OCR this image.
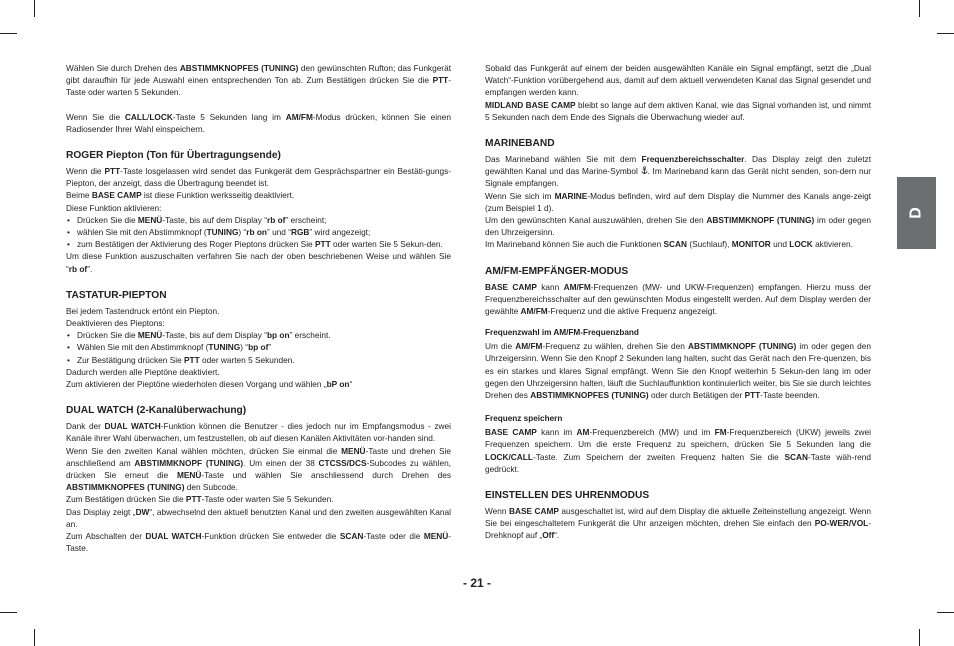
D

Wählen Sie durch Drehen des ABSTIMMKNOPFES (TUNING) den gewünschten Rufton; das Funkgerät gibt daraufhin für jede Auswahl einen entsprechenden Ton ab. Zum Bestätigen drücken Sie die PTT-Taste oder warten 5 Sekunden.

Wenn Sie die CALL/LOCK-Taste 5 Sekunden lang im AM/FM-Modus drücken, können Sie einen Radiosender Ihrer Wahl einspeichern.

ROGER Piepton (Ton für Übertragungsende)

Wenn die PTT-Taste losgelassen wird sendet das Funkgerät dem Gesprächspartner ein Bestäti-gungs-Piepton, der anzeigt, dass die Übertragung beendet ist.

Beime BASE CAMP ist diese Funktion werksseitig deaktiviert.

Diese Funktion aktivieren:

• Drücken Sie die MENÜ-Taste, bis auf dem Display “rb of” erscheint;
• wählen Sie mit den Abstimmknopf (TUNING) “rb on” und “RGB” wird angezeigt;
• zum Bestätigen der Aktivierung des Roger Pieptons drücken Sie PTT oder warten Sie 5 Sekun-den.

Um diese Funktion auszuschalten verfahren Sie nach der oben beschriebenen Weise und wählen Sie “rb of”.

TASTATUR-PIEPTON

Bei jedem Tastendruck ertönt ein Piepton.

Deaktivieren des Pieptons:

• Drücken Sie die MENÜ-Taste, bis auf dem Display “bp on” erscheint.
• Wählen Sie mit den Abstimmknopf (TUNING) “bp of”
• Zur Bestätigung drücken Sie PTT oder warten 5 Sekunden.

Dadurch werden alle Pieptöne deaktiviert.

Zum aktivieren der Pieptöne wiederholen diesen Vorgang und wählen „bP on“

DUAL WATCH (2-Kanalüberwachung)

Dank der DUAL WATCH-Funktion können die Benutzer - dies jedoch nur im Empfangsmodus - zwei Kanäle ihrer Wahl überwachen, um festzustellen, ob auf diesen Kanälen Aktivitäten vor-handen sind.

Wenn Sie den zweiten Kanal wählen möchten, drücken Sie einmal die MENÜ-Taste und drehen Sie anschließend am ABSTIMMKNOPF (TUNING). Um einen der 38 CTCSS/DCS-Subcodes zu wählen, drücken Sie erneut die MENÜ-Taste und wählen Sie anschliessend durch Drehen des ABSTIMMKNOPFES (TUNING) den Subcode.

Zum Bestätigen drücken Sie die PTT-Taste oder warten Sie 5 Sekunden.

Das Display zeigt „DW“, abwechselnd den aktuell benutzten Kanal und den zweiten ausgewählten Kanal an.

Zum Abschalten der DUAL WATCH-Funktion drücken Sie entweder die SCAN-Taste oder die MENÜ-Taste.

Sobald das Funkgerät auf einem der beiden ausgewählten Kanäle ein Signal empfängt, setzt die „Dual Watch“-Funktion vorübergehend aus, damit auf dem aktuell verwendeten Kanal das Signal gesendet und empfangen werden kann.

MIDLAND BASE CAMP bleibt so lange auf dem aktiven Kanal, wie das Signal vorhanden ist, und nimmt 5 Sekunden nach dem Ende des Signals die Überwachung wieder auf.

MARINEBAND

Das Marineband wählen Sie mit dem Frequenzbereichsschalter. Das Display zeigt den zuletzt gewählten Kanal und das Marine-Symbol . Im Marineband kann das Gerät nicht senden, son-dern nur Signale empfangen.

Wenn Sie sich im MARINE-Modus befinden, wird auf dem Display die Nummer des Kanals ange-zeigt (zum Beispiel 1 d).

Um den gewünschten Kanal auszuwählen, drehen Sie den ABSTIMMKNOPF (TUNING) im oder gegen den Uhrzeigersinn.

Im Marineband können Sie auch die Funktionen SCAN (Suchlauf), MONITOR und LOCK aktivieren.

AM/FM-EMPFÄNGER-MODUS

BASE CAMP kann AM/FM-Frequenzen (MW- und UKW-Frequenzen) empfangen. Hierzu muss der Frequenzbereichsschalter auf den gewünschten Modus eingestellt werden. Auf dem Display werden der gewählte AM/FM-Frequenz und die aktive Frequenz angezeigt.

Frequenzwahl im AM/FM-Frequenzband

Um die AM/FM-Frequenz zu wählen, drehen Sie den ABSTIMMKNOPF (TUNING) im oder gegen den Uhrzeigersinn. Wenn Sie den Knopf 2 Sekunden lang halten, sucht das Gerät nach den Fre-quenzen, bis es ein starkes und klares Signal empfängt. Wenn Sie den Knopf weiterhin 5 Sekun-den lang im oder gegen den Uhrzeigersinn halten, läuft die Suchlauffunktion kontinuierlich weiter, bis Sie sie durch leichtes Drehen des ABSTIMMKNOPFES (TUNING) oder durch Betätigen der PTT-Taste beenden.

Frequenz speichern

BASE CAMP kann im AM-Frequenzbereich (MW) und im FM-Frequenzbereich (UKW) jeweils zwei Frequenzen speichern. Um die erste Frequenz zu speichern, drücken Sie 5 Sekunden lang die LOCK/CALL-Taste. Zum Speichern der zweiten Frequenz halten Sie die SCAN-Taste wäh-rend gedrückt.

EINSTELLEN DES UHRENMODUS

Wenn BASE CAMP ausgeschaltet ist, wird auf dem Display die aktuelle Zeiteinstellung angezeigt. Wenn Sie bei eingeschaltetem Funkgerät die Uhr anzeigen möchten, drehen Sie einfach den PO-WER/VOL-Drehknopf auf „Off“.

- 21 -
